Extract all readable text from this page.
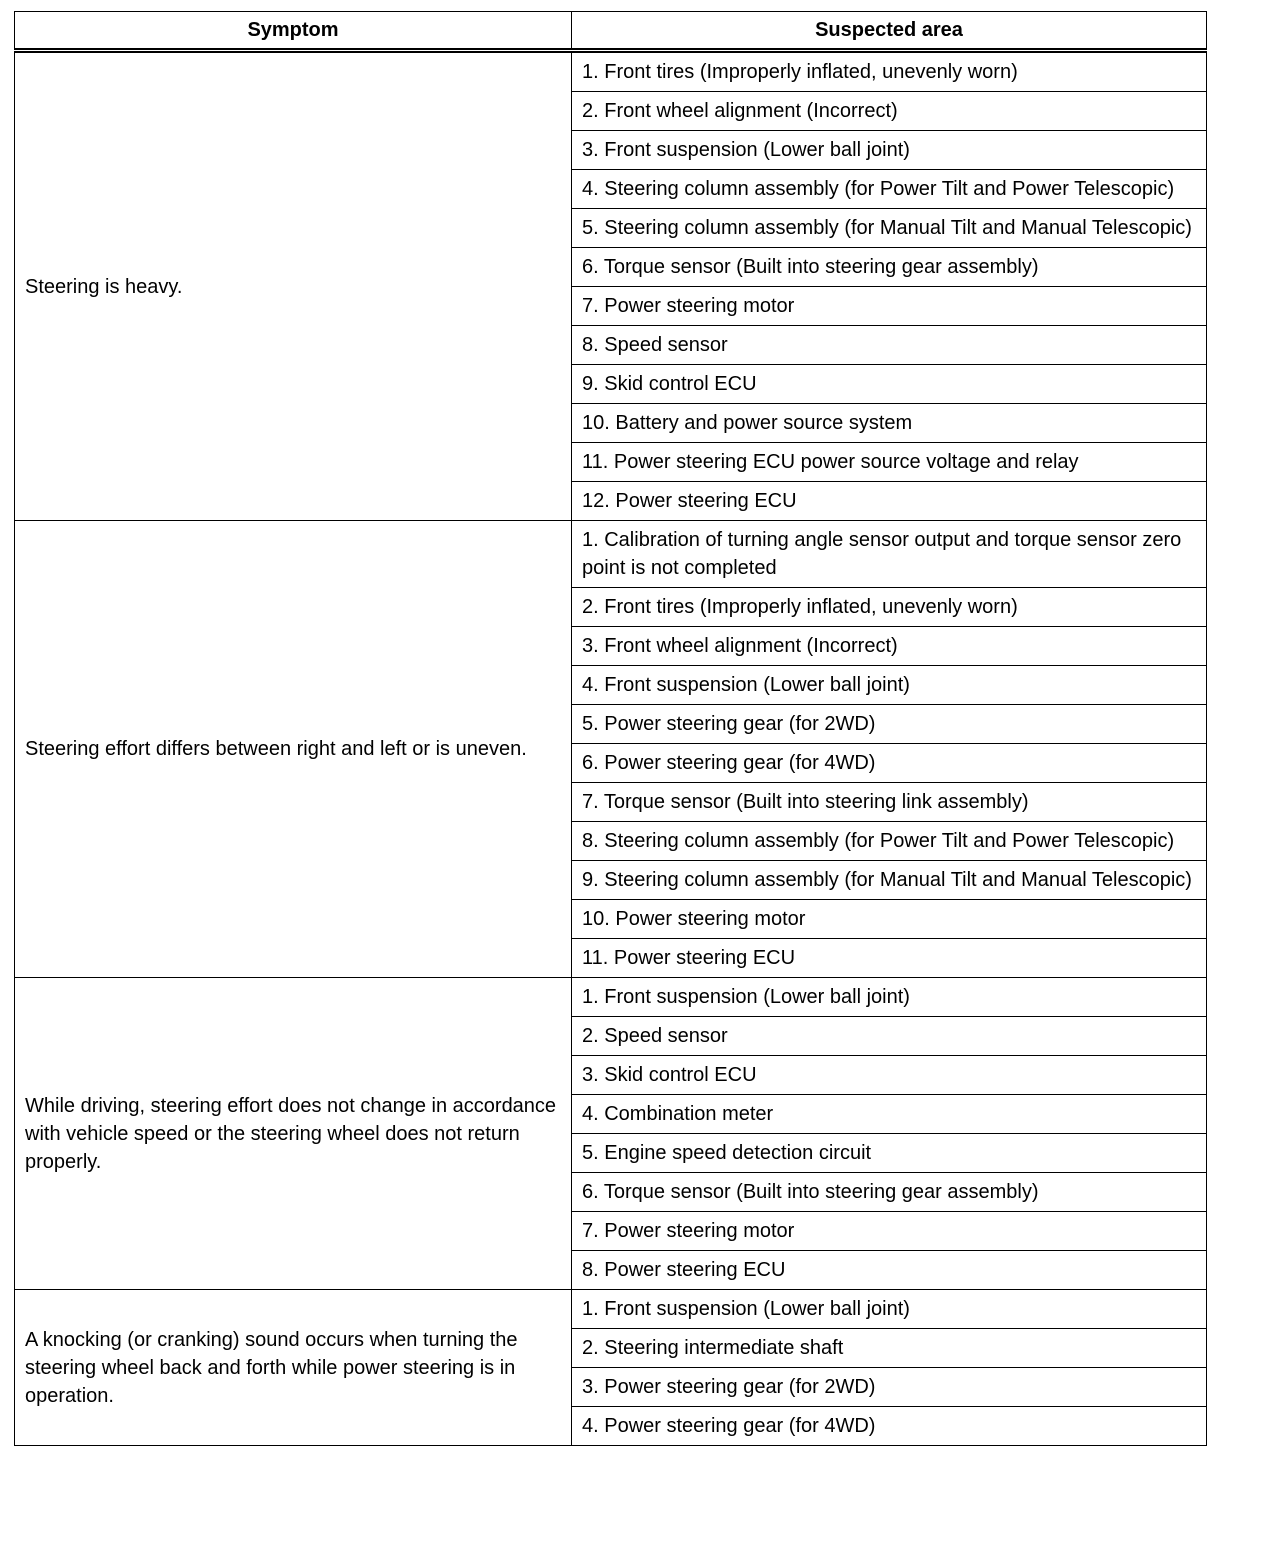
Symptom	Suspected area
Steering is heavy.	1. Front tires (Improperly inflated, unevenly worn)
	2. Front wheel alignment (Incorrect)
	3. Front suspension (Lower ball joint)
	4. Steering column assembly (for Power Tilt and Power Telescopic)
	5. Steering column assembly (for Manual Tilt and Manual Telescopic)
	6. Torque sensor (Built into steering gear assembly)
	7. Power steering motor
	8. Speed sensor
	9. Skid control ECU
	10. Battery and power source system
	11. Power steering ECU power source voltage and relay
	12. Power steering ECU
Steering effort differs between right and left or is uneven.	1. Calibration of turning angle sensor output and torque sensor zero point is not completed
	2. Front tires (Improperly inflated, unevenly worn)
	3. Front wheel alignment (Incorrect)
	4. Front suspension (Lower ball joint)
	5. Power steering gear (for 2WD)
	6. Power steering gear (for 4WD)
	7. Torque sensor (Built into steering link assembly)
	8. Steering column assembly (for Power Tilt and Power Telescopic)
	9. Steering column assembly (for Manual Tilt and Manual Telescopic)
	10. Power steering motor
	11. Power steering ECU
While driving, steering effort does not change in accordance with vehicle speed or the steering wheel does not return properly.	1. Front suspension (Lower ball joint)
	2. Speed sensor
	3. Skid control ECU
	4. Combination meter
	5. Engine speed detection circuit
	6. Torque sensor (Built into steering gear assembly)
	7. Power steering motor
	8. Power steering ECU
A knocking (or cranking) sound occurs when turning the steering wheel back and forth while power steering is in operation.	1. Front suspension (Lower ball joint)
	2. Steering intermediate shaft
	3. Power steering gear (for 2WD)
	4. Power steering gear (for 4WD)
